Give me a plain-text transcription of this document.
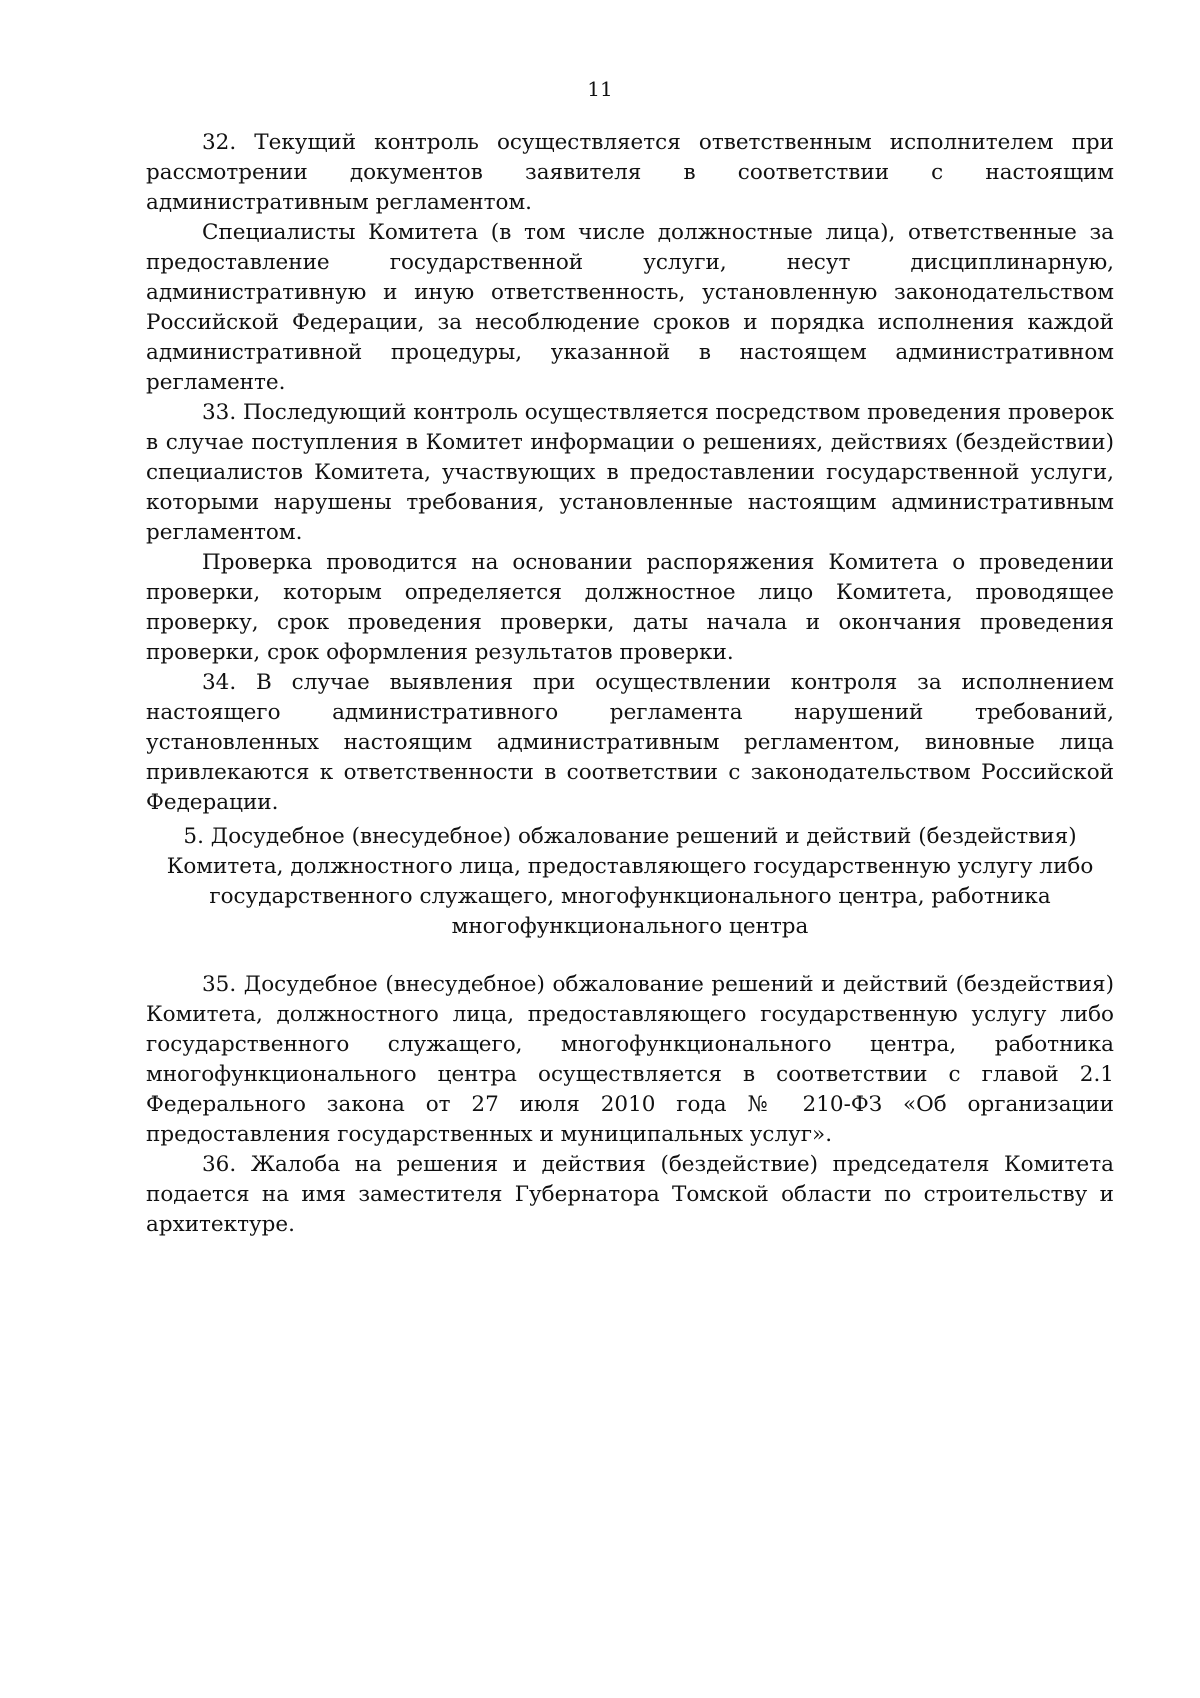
11

32. Текущий контроль осуществляется ответственным исполнителем при рассмотрении документов заявителя в соответствии с настоящим административным регламентом.

Специалисты Комитета (в том числе должностные лица), ответственные за предоставление государственной услуги, несут дисциплинарную, административную и иную ответственность, установленную законодательством Российской Федерации, за несоблюдение сроков и порядка исполнения каждой административной процедуры, указанной в настоящем административном регламенте.

33. Последующий контроль осуществляется посредством проведения проверок в случае поступления в Комитет информации о решениях, действиях (бездействии) специалистов Комитета, участвующих в предоставлении государственной услуги, которыми нарушены требования, установленные настоящим административным регламентом.

Проверка проводится на основании распоряжения Комитета о проведении проверки, которым определяется должностное лицо Комитета, проводящее проверку, срок проведения проверки, даты начала и окончания проведения проверки, срок оформления результатов проверки.

34. В случае выявления при осуществлении контроля за исполнением настоящего административного регламента нарушений требований, установленных настоящим административным регламентом, виновные лица привлекаются к ответственности в соответствии с законодательством Российской Федерации.

5. Досудебное (внесудебное) обжалование решений и действий (бездействия) Комитета, должностного лица, предоставляющего государственную услугу либо государственного служащего, многофункционального центра, работника многофункционального центра

35. Досудебное (внесудебное) обжалование решений и действий (бездействия) Комитета, должностного лица, предоставляющего государственную услугу либо государственного служащего, многофункционального центра, работника многофункционального центра осуществляется в соответствии с главой 2.1 Федерального закона от 27 июля 2010 года № 210-ФЗ «Об организации предоставления государственных и муниципальных услуг».

36. Жалоба на решения и действия (бездействие) председателя Комитета подается на имя заместителя Губернатора Томской области по строительству и архитектуре.
